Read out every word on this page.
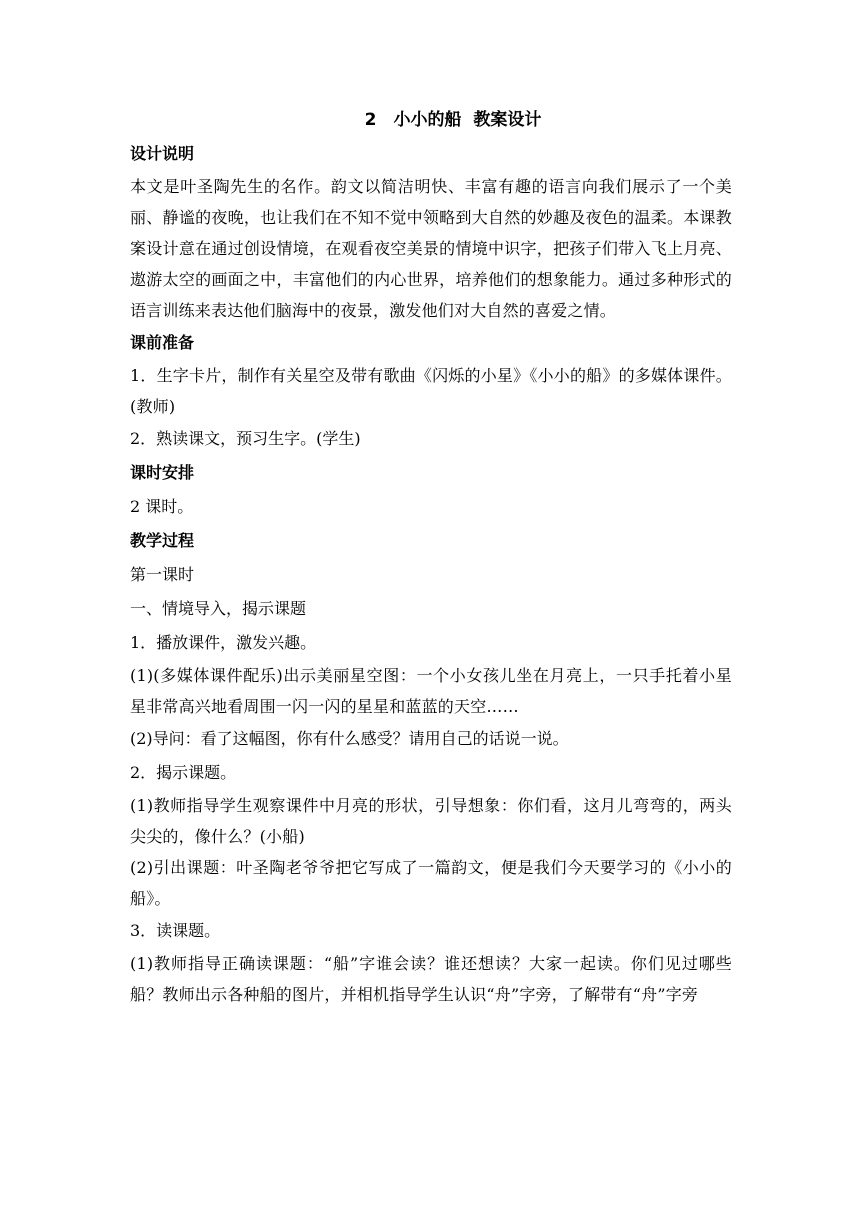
2　小小的船  教案设计

设计说明

本文是叶圣陶先生的名作。韵文以简洁明快、丰富有趣的语言向我们展示了一个美丽、静谧的夜晚，也让我们在不知不觉中领略到大自然的妙趣及夜色的温柔。本课教案设计意在通过创设情境，在观看夜空美景的情境中识字，把孩子们带入飞上月亮、遨游太空的画面之中，丰富他们的内心世界，培养他们的想象能力。通过多种形式的语言训练来表达他们脑海中的夜景，激发他们对大自然的喜爱之情。

课前准备

1．生字卡片，制作有关星空及带有歌曲《闪烁的小星》《小小的船》的多媒体课件。(教师)

2．熟读课文，预习生字。(学生)

课时安排

2 课时。

教学过程

第一课时

一、情境导入，揭示课题

1．播放课件，激发兴趣。

(1)(多媒体课件配乐)出示美丽星空图：一个小女孩儿坐在月亮上，一只手托着小星星非常高兴地看周围一闪一闪的星星和蓝蓝的天空……

(2)导问：看了这幅图，你有什么感受？请用自己的话说一说。

2．揭示课题。

(1)教师指导学生观察课件中月亮的形状，引导想象：你们看，这月儿弯弯的，两头尖尖的，像什么？(小船)

(2)引出课题：叶圣陶老爷爷把它写成了一篇韵文，便是我们今天要学习的《小小的船》。

3．读课题。

(1)教师指导正确读课题：“船”字谁会读？谁还想读？大家一起读。你们见过哪些船？教师出示各种船的图片，并相机指导学生认识“舟”字旁，了解带有“舟”字旁
